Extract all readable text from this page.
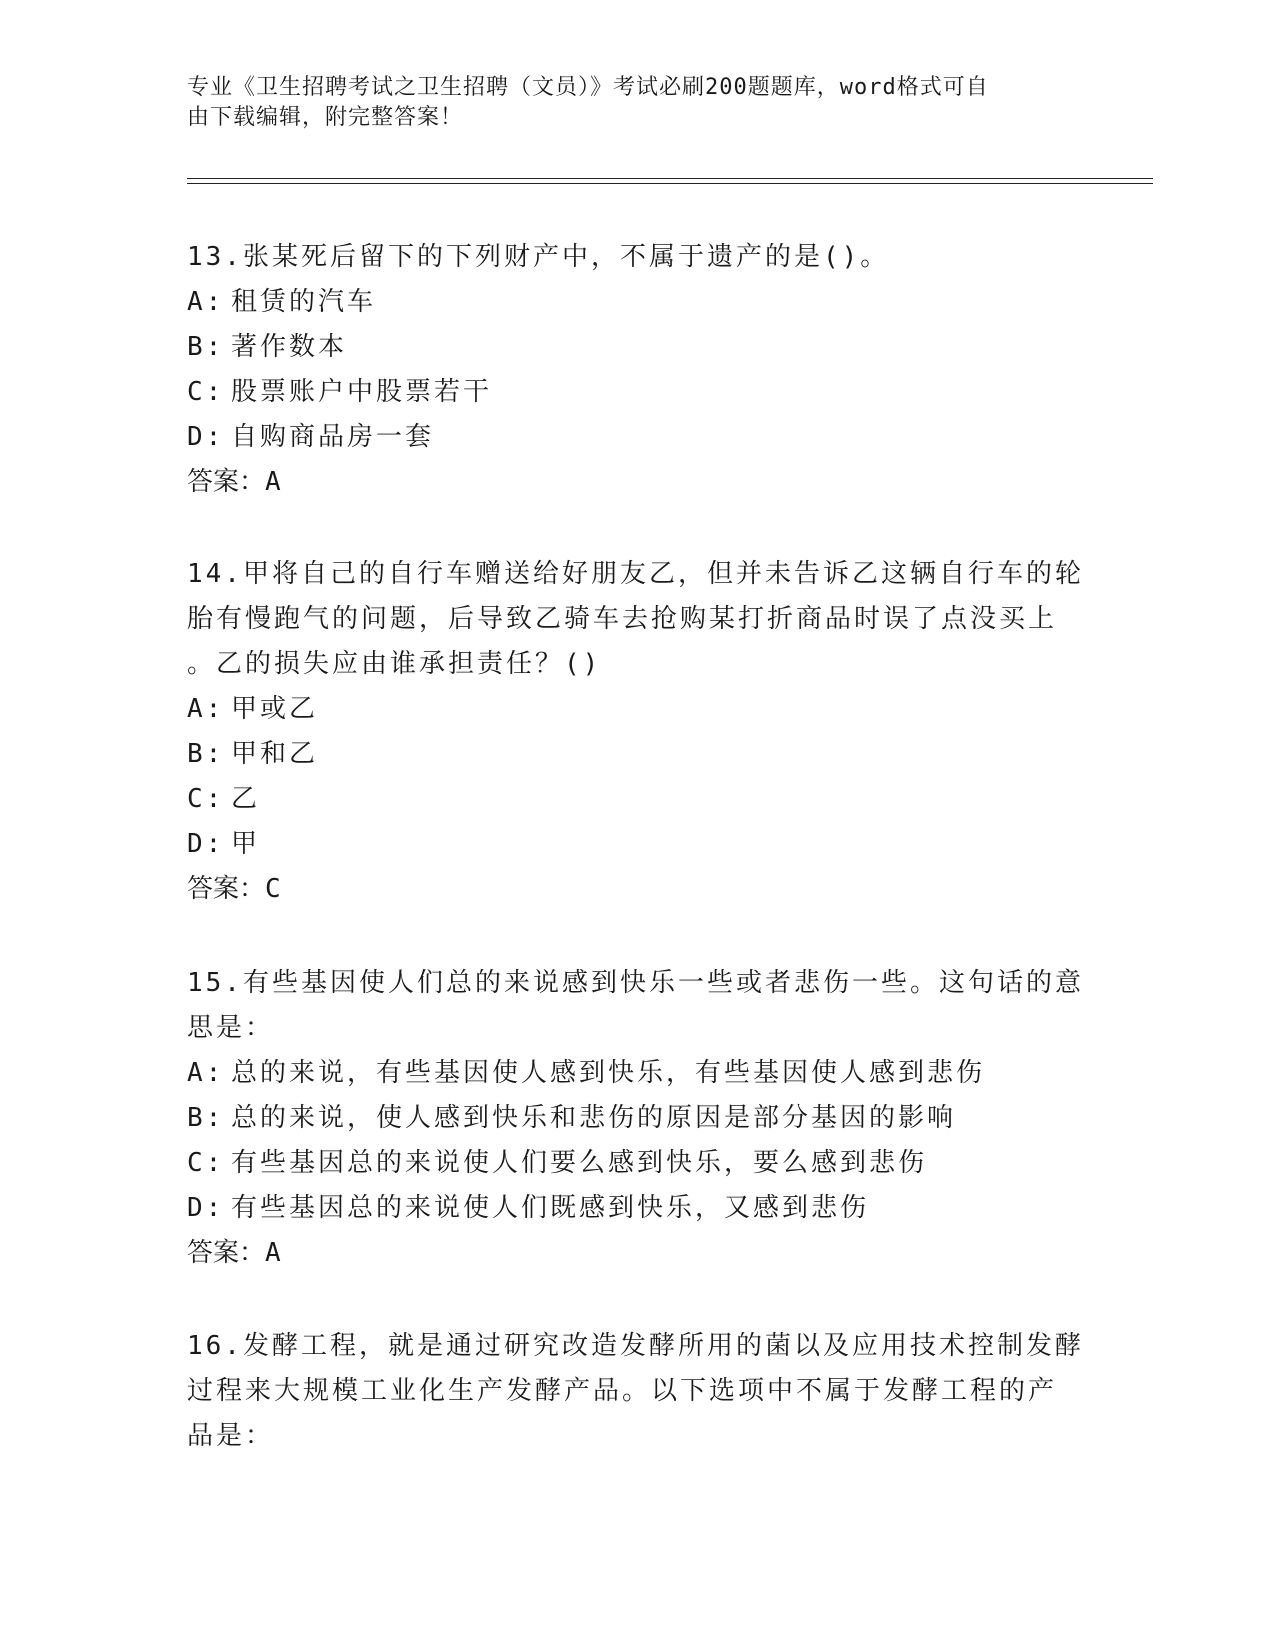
专业《卫生招聘考试之卫生招聘（文员）》考试必刷200题题库，word格式可自
由下载编辑，附完整答案！

13.张某死后留下的下列财产中，不属于遗产的是()。

A: 租赁的汽车

B: 著作数本

C: 股票账户中股票若干

D: 自购商品房一套

答案：A

14.甲将自己的自行车赠送给好朋友乙，但并未告诉乙这辆自行车的轮

胎有慢跑气的问题，后导致乙骑车去抢购某打折商品时误了点没买上

。乙的损失应由谁承担责任？()

A: 甲或乙

B: 甲和乙

C: 乙

D: 甲

答案：C

15.有些基因使人们总的来说感到快乐一些或者悲伤一些。这句话的意

思是：

A: 总的来说，有些基因使人感到快乐，有些基因使人感到悲伤

B: 总的来说，使人感到快乐和悲伤的原因是部分基因的影响

C: 有些基因总的来说使人们要么感到快乐，要么感到悲伤

D: 有些基因总的来说使人们既感到快乐，又感到悲伤

答案：A

16.发酵工程，就是通过研究改造发酵所用的菌以及应用技术控制发酵

过程来大规模工业化生产发酵产品。以下选项中不属于发酵工程的产

品是：
